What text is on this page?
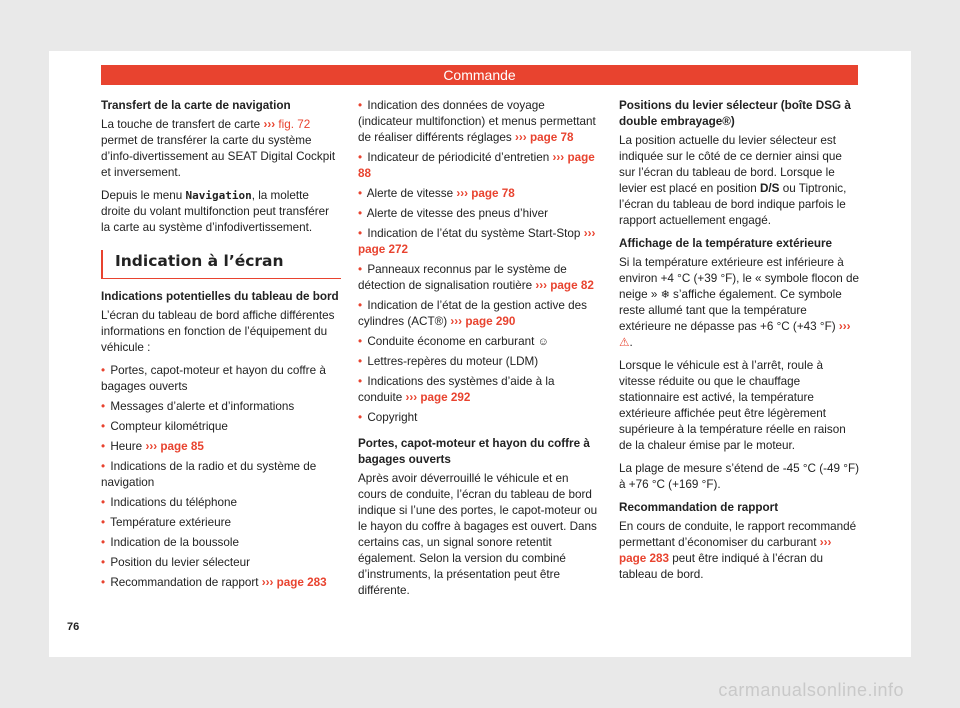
Commande

Transfert de la carte de navigation

La touche de transfert de carte ››› fig. 72 permet de transférer la carte du système d’info-divertissement au SEAT Digital Cockpit et inversement.

Depuis le menu Navigation, la molette droite du volant multifonction peut transférer la carte au système d’infodivertissement.

Indication à l’écran

Indications potentielles du tableau de bord

L’écran du tableau de bord affiche différentes informations en fonction de l’équipement du véhicule :

• Portes, capot-moteur et hayon du coffre à bagages ouverts
• Messages d’alerte et d’informations
• Compteur kilométrique
• Heure ››› page 85
• Indications de la radio et du système de navigation
• Indications du téléphone
• Température extérieure
• Indication de la boussole
• Position du levier sélecteur
• Recommandation de rapport ››› page 283
• Indication des données de voyage (indicateur multifonction) et menus permettant de réaliser différents réglages ››› page 78
• Indicateur de périodicité d’entretien ››› page 88
• Alerte de vitesse ››› page 78
• Alerte de vitesse des pneus d’hiver
• Indication de l’état du système Start-Stop ››› page 272
• Panneaux reconnus par le système de détection de signalisation routière ››› page 82
• Indication de l’état de la gestion active des cylindres (ACT®) ››› page 290
• Conduite économe en carburant ☺
• Lettres-repères du moteur (LDM)
• Indications des systèmes d’aide à la conduite ››› page 292
• Copyright

Portes, capot-moteur et hayon du coffre à bagages ouverts

Après avoir déverrouillé le véhicule et en cours de conduite, l’écran du tableau de bord indique si l’une des portes, le capot-moteur ou le hayon du coffre à bagages est ouvert. Dans certains cas, un signal sonore retentit également. Selon la version du combiné d’instruments, la présentation peut être différente.

Positions du levier sélecteur (boîte DSG à double embrayage®)

La position actuelle du levier sélecteur est indiquée sur le côté de ce dernier ainsi que sur l’écran du tableau de bord. Lorsque le levier est placé en position D/S ou Tiptronic, l’écran du tableau de bord indique parfois le rapport actuellement engagé.

Affichage de la température extérieure

Si la température extérieure est inférieure à environ +4 °C (+39 °F), le « symbole flocon de neige » ❄ s’affiche également. Ce symbole reste allumé tant que la température extérieure ne dépasse pas +6 °C (+43 °F) ››› ⚠.

Lorsque le véhicule est à l’arrêt, roule à vitesse réduite ou que le chauffage stationnaire est activé, la température extérieure affichée peut être légèrement supérieure à la température réelle en raison de la chaleur émise par le moteur.

La plage de mesure s’étend de -45 °C (-49 °F) à +76 °C (+169 °F).

Recommandation de rapport

En cours de conduite, le rapport recommandé permettant d’économiser du carburant ››› page 283 peut être indiqué à l’écran du tableau de bord.

76
carmanualsonline.info
